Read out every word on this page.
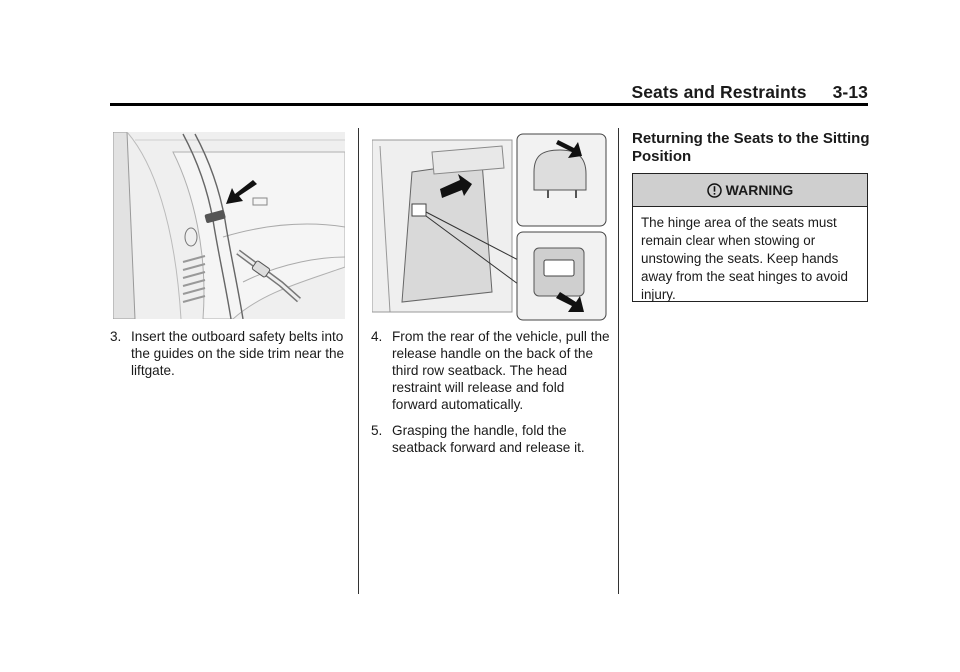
Seats and Restraints 3-13

3. Insert the outboard safety belts into the guides on the side trim near the liftgate.

4. From the rear of the vehicle, pull the release handle on the back of the third row seatback. The head restraint will release and fold forward automatically.

5. Grasping the handle, fold the seatback forward and release it.

Returning the Seats to the Sitting Position
WARNING
The hinge area of the seats must remain clear when stowing or unstowing the seats. Keep hands away from the seat hinges to avoid injury.
